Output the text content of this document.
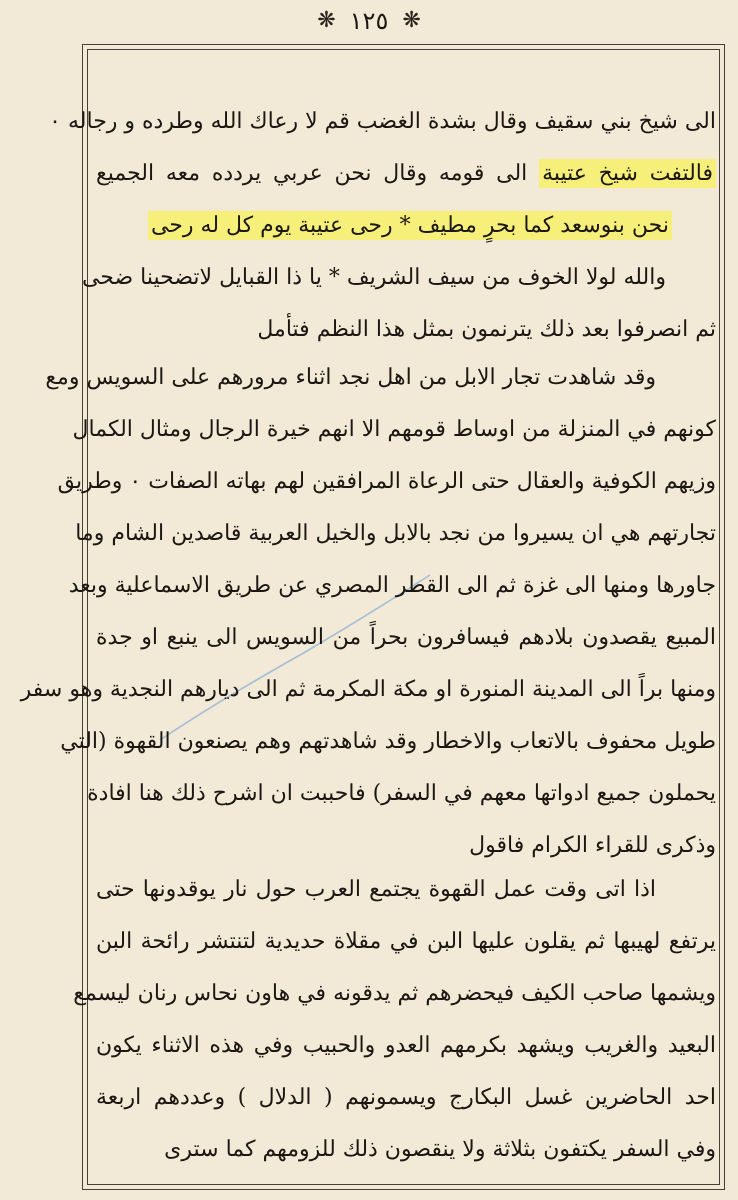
❋ ١٢٥ ❋
الى شيخ بني سقيف وقال بشدة الغضب قم لا رعاك الله وطرده و رجاله ٠
فالتفت شيخ عتيبة الى قومه وقال نحن عربي يردده معه الجميع
نحن بنوسعد كما بحرٍ مطيف * رحى عتيبة يوم كل له رحى
والله لولا الخوف من سيف الشريف * يا ذا القبايل لاتضحينا ضحى
ثم انصرفوا بعد ذلك يترنمون بمثل هذا النظم فتأمل
وقد شاهدت تجار الابل من اهل نجد اثناء مرورهم على السويس ومع
كونهم في المنزلة من اوساط قومهم الا انهم خيرة الرجال ومثال الكمال
وزيهم الكوفية والعقال حتى الرعاة المرافقين لهم بهاته الصفات ٠ وطريق
تجارتهم هي ان يسيروا من نجد بالابل والخيل العربية قاصدين الشام وما
جاورها ومنها الى غزة ثم الى القطر المصري عن طريق الاسماعلية وبعد
المبيع يقصدون بلادهم فيسافرون بحراً من السويس الى ينبع او جدة
ومنها براً الى المدينة المنورة او مكة المكرمة ثم الى ديارهم النجدية وهو سفر
طويل محفوف بالاتعاب والاخطار وقد شاهدتهم وهم يصنعون القهوة (التي
يحملون جميع ادواتها معهم في السفر) فاحببت ان اشرح ذلك هنا افادة
وذكرى للقراء الكرام فاقول
اذا اتى وقت عمل القهوة يجتمع العرب حول نار يوقدونها حتى
يرتفع لهيبها ثم يقلون عليها البن في مقلاة حديدية لتنتشر رائحة البن
ويشمها صاحب الكيف فيحضرهم ثم يدقونه في هاون نحاس رنان ليسمع
البعيد والغريب ويشهد بكرمهم العدو والحبيب وفي هذه الاثناء يكون
احد الحاضرين غسل البكارج ويسمونهم ( الدلال ) وعددهم اربعة
وفي السفر يكتفون بثلاثة ولا ينقصون ذلك للزومهم كما سترى
